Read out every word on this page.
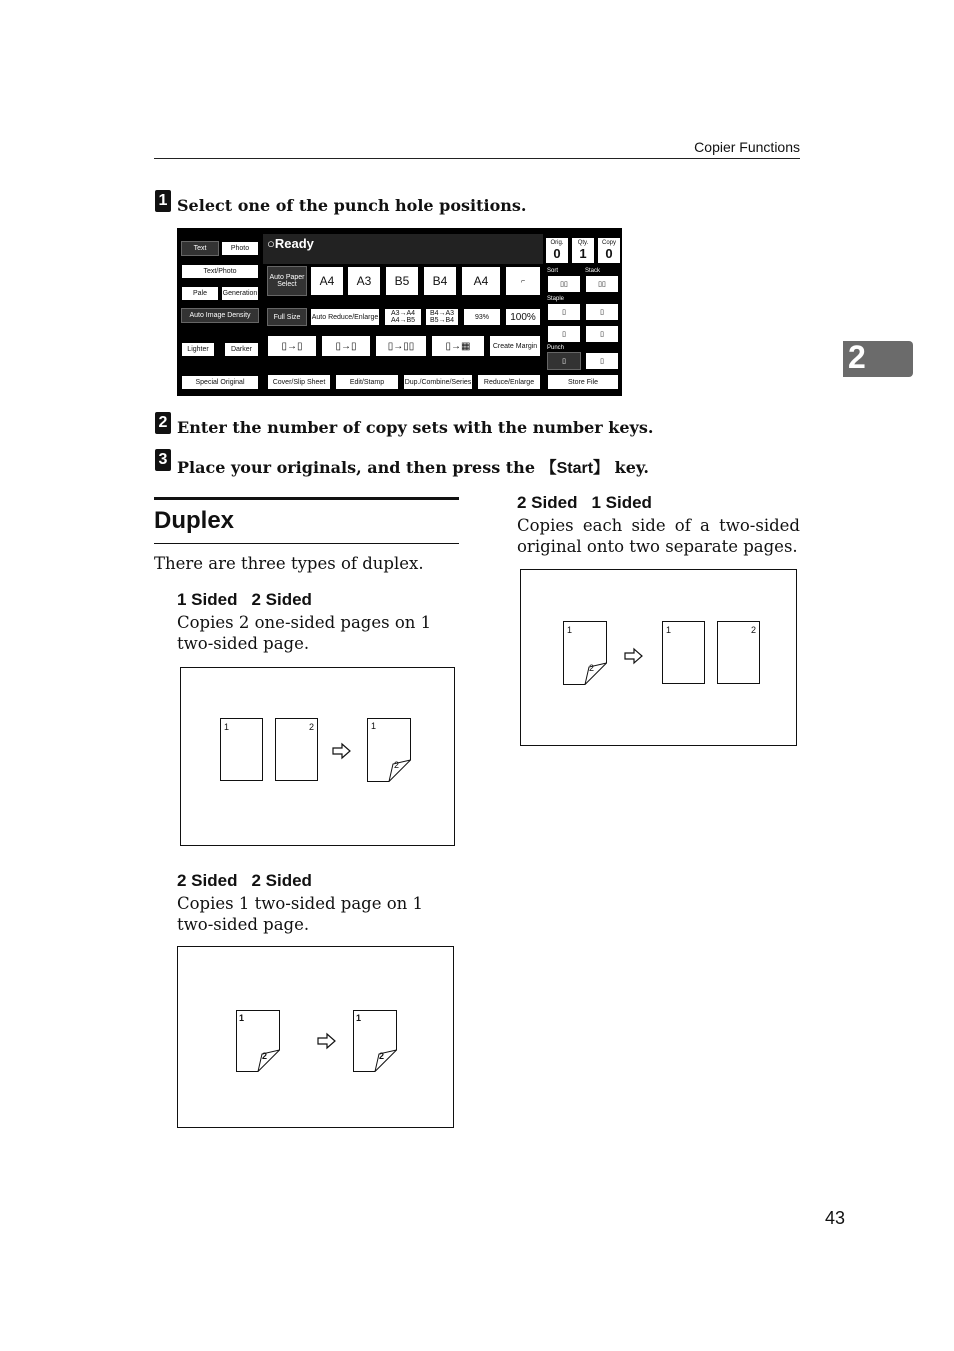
Copier Functions
2
1 Select one of the punch hole positions.
○Ready	Orig.
0
Qty.
1
Copy
0
Text	Photo
Text/Photo
Pale	Generation
Auto Image Density
Lighter	Darker
Special Original
Auto Paper Select	A4	A3	B5	B4	A4	⌐
Full Size	Auto Reduce/Enlarge	A3→A4 A4→B5
B4→A3 B5→B4	93%	100%
▯→▯	▯→▯	▯→▯▯	▯→▦	Create Margin
Cover/Slip Sheet	Edit/Stamp	Dup./Combine/Series	Reduce/Enlarge	Store File
Sort	Stack
▯▯	▯▯
Staple
▯	▯
▯	▯
Punch
▯	▯
2 Enter the number of copy sets with the number keys.
3 Place your originals, and then press the 【Start】 key.
Duplex
There are three types of duplex.
1 Sided 2 Sided
Copies 2 one-sided pages on 1 two-sided page.
1	2	1
2
2 Sided 2 Sided
Copies 1 two-sided page on 1 two-sided page.
1
2
1
2
2 Sided 1 Sided
Copies each side of a two-sided original onto two separate pages.
1
2
1	2
43
